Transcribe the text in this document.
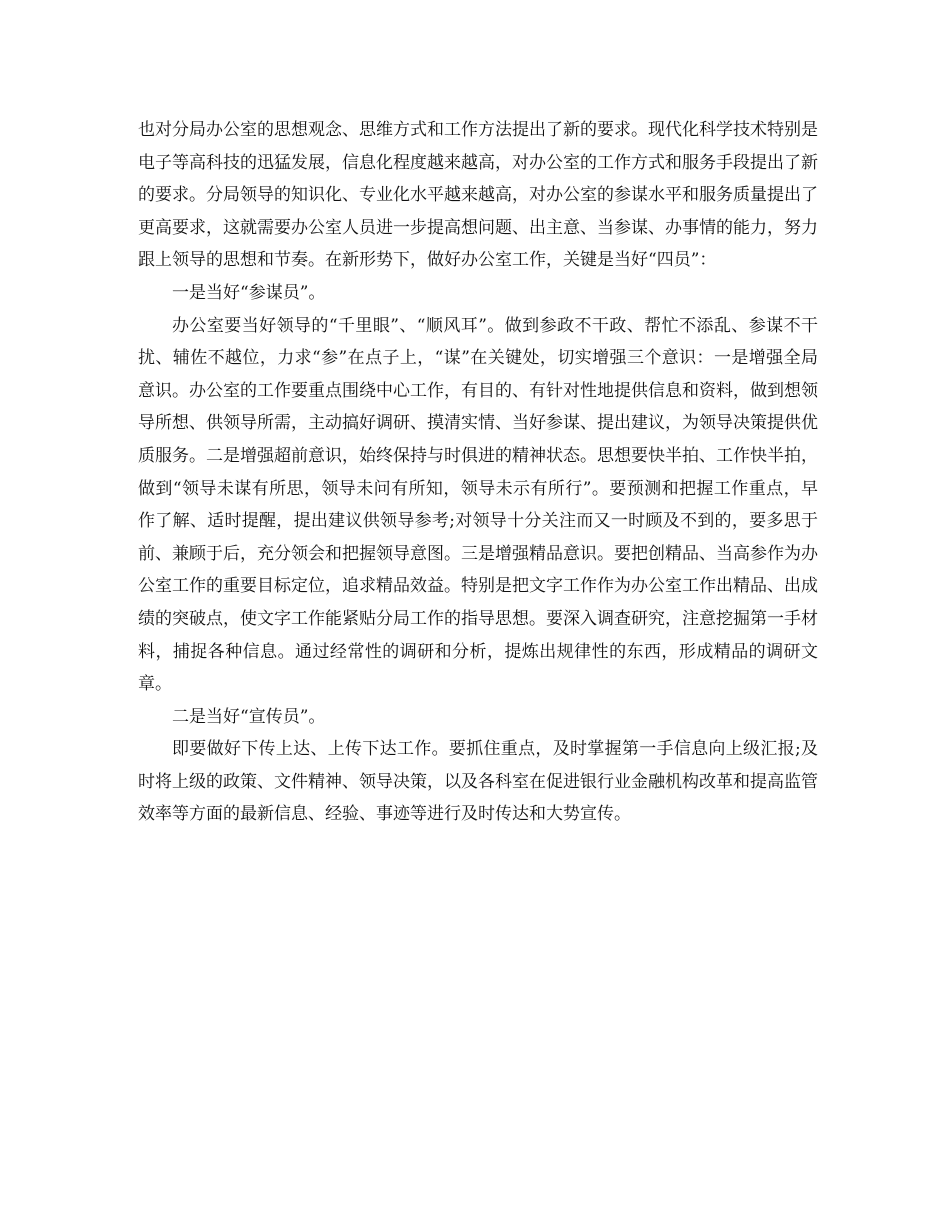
也对分局办公室的思想观念、思维方式和工作方法提出了新的要求。现代化科学技术特别是电子等高科技的迅猛发展，信息化程度越来越高，对办公室的工作方式和服务手段提出了新的要求。分局领导的知识化、专业化水平越来越高，对办公室的参谋水平和服务质量提出了更高要求，这就需要办公室人员进一步提高想问题、出主意、当参谋、办事情的能力，努力跟上领导的思想和节奏。在新形势下，做好办公室工作，关键是当好“四员”：

一是当好“参谋员”。

办公室要当好领导的“千里眼”、“顺风耳”。做到参政不干政、帮忙不添乱、参谋不干扰、辅佐不越位，力求“参”在点子上，“谋”在关键处，切实增强三个意识：一是增强全局意识。办公室的工作要重点围绕中心工作，有目的、有针对性地提供信息和资料，做到想领导所想、供领导所需，主动搞好调研、摸清实情、当好参谋、提出建议，为领导决策提供优质服务。二是增强超前意识，始终保持与时俱进的精神状态。思想要快半拍、工作快半拍，做到“领导未谋有所思，领导未问有所知，领导未示有所行”。要预测和把握工作重点，早作了解、适时提醒，提出建议供领导参考;对领导十分关注而又一时顾及不到的，要多思于前、兼顾于后，充分领会和把握领导意图。三是增强精品意识。要把创精品、当高参作为办公室工作的重要目标定位，追求精品效益。特别是把文字工作作为办公室工作出精品、出成绩的突破点，使文字工作能紧贴分局工作的指导思想。要深入调查研究，注意挖掘第一手材料，捕捉各种信息。通过经常性的调研和分析，提炼出规律性的东西，形成精品的调研文章。

二是当好“宣传员”。

即要做好下传上达、上传下达工作。要抓住重点，及时掌握第一手信息向上级汇报;及时将上级的政策、文件精神、领导决策，以及各科室在促进银行业金融机构改革和提高监管效率等方面的最新信息、经验、事迹等进行及时传达和大势宣传。
